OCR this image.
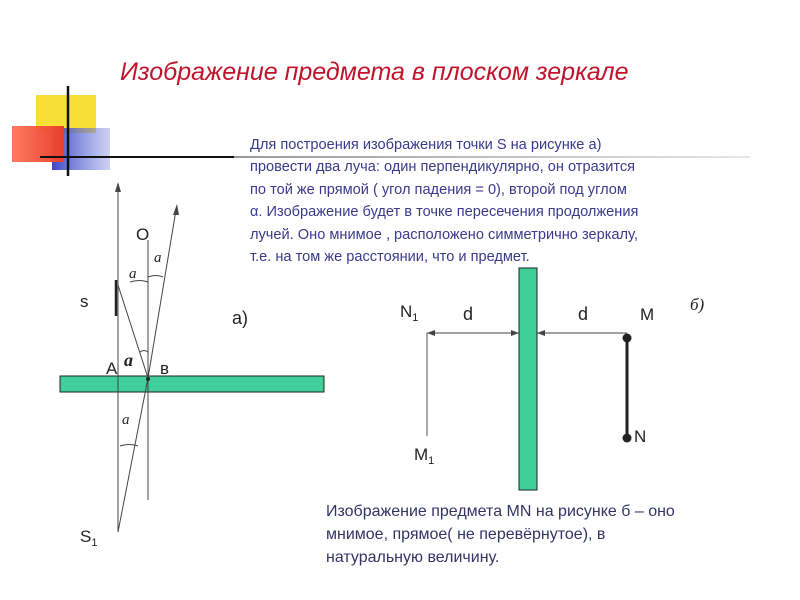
Изображение предмета в плоском зеркале
Для построения изображения точки S на рисунке а)
провести два луча: один перпендикулярно, он отразится
по той же прямой ( угол падения = 0), второй под углом
α. Изображение будет в точке пересечения продолжения
лучей. Оно мнимое , расположено симметрично зеркалу,
т.е. на том же расстоянии, что и предмет.
O
a
a
s
A a в
a
а)
$S_1$
$N_1$ d	d	M
б)
N
$M_1$
Изображение предмета MN на рисунке б – оно
мнимое, прямое( не перевёрнутое), в
натуральную величину.
